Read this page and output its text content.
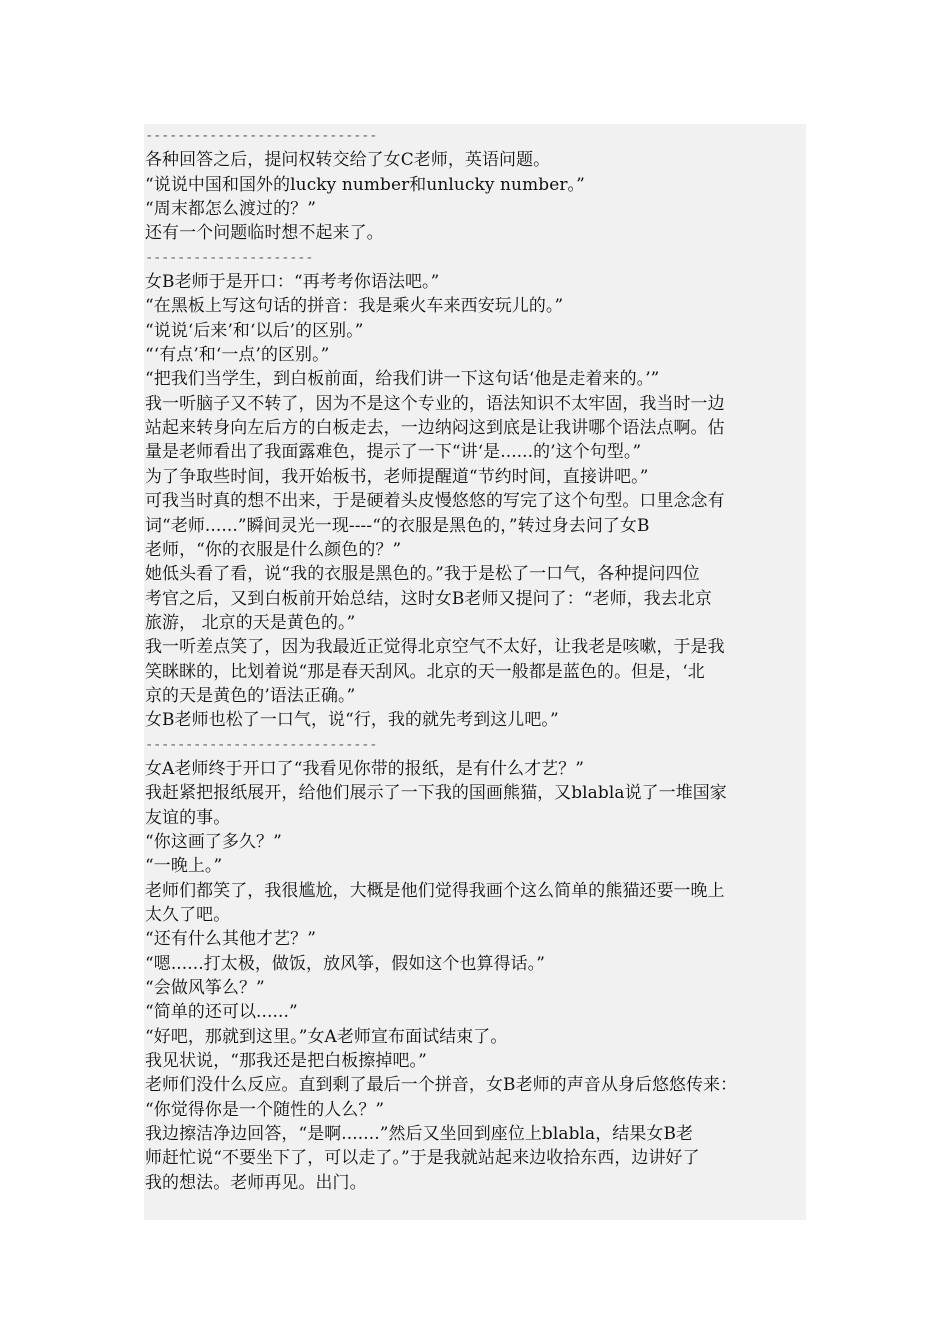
-----------------------------
各种回答之后，提问权转交给了女C老师，英语问题。
“说说中国和国外的lucky number和unlucky number。”
“周末都怎么渡过的？”
还有一个问题临时想不起来了。
---------------------
女B老师于是开口：“再考考你语法吧。”
“在黑板上写这句话的拼音：我是乘火车来西安玩儿的。”
“说说‘后来’和‘以后’的区别。”
“‘有点’和‘一点’的区别。”
“把我们当学生，到白板前面，给我们讲一下这句话‘他是走着来的。’”
我一听脑子又不转了，因为不是这个专业的，语法知识不太牢固，我当时一边
站起来转身向左后方的白板走去，一边纳闷这到底是让我讲哪个语法点啊。估
量是老师看出了我面露难色，提示了一下“讲‘是......的’这个句型。”
为了争取些时间，我开始板书，老师提醒道“节约时间，直接讲吧。”
可我当时真的想不出来，于是硬着头皮慢悠悠的写完了这个句型。口里念念有
词“老师......”瞬间灵光一现----“的衣服是黑色的，”转过身去问了女B
老师，“你的衣服是什么颜色的？”
她低头看了看，说“我的衣服是黑色的。”我于是松了一口气，各种提问四位
考官之后，又到白板前开始总结，这时女B老师又提问了：“老师，我去北京
旅游， 北京的天是黄色的。”
我一听差点笑了，因为我最近正觉得北京空气不太好，让我老是咳嗽，于是我
笑眯眯的，比划着说“那是春天刮风。北京的天一般都是蓝色的。但是，‘北
京的天是黄色的’语法正确。”
女B老师也松了一口气，说“行，我的就先考到这儿吧。”
-----------------------------
女A老师终于开口了“我看见你带的报纸，是有什么才艺？”
我赶紧把报纸展开，给他们展示了一下我的国画熊猫，又blabla说了一堆国家
友谊的事。
“你这画了多久？”
“一晚上。”
老师们都笑了，我很尴尬，大概是他们觉得我画个这么简单的熊猫还要一晚上
太久了吧。
“还有什么其他才艺？”
“嗯......打太极，做饭，放风筝，假如这个也算得话。”
“会做风筝么？”
“简单的还可以......”
“好吧，那就到这里。”女A老师宣布面试结束了。
我见状说，“那我还是把白板擦掉吧。”
老师们没什么反应。直到剩了最后一个拼音，女B老师的声音从身后悠悠传来：
“你觉得你是一个随性的人么？”
我边擦洁净边回答，“是啊.......”然后又坐回到座位上blabla，结果女B老
师赶忙说“不要坐下了，可以走了。”于是我就站起来边收拾东西，边讲好了
我的想法。老师再见。出门。
